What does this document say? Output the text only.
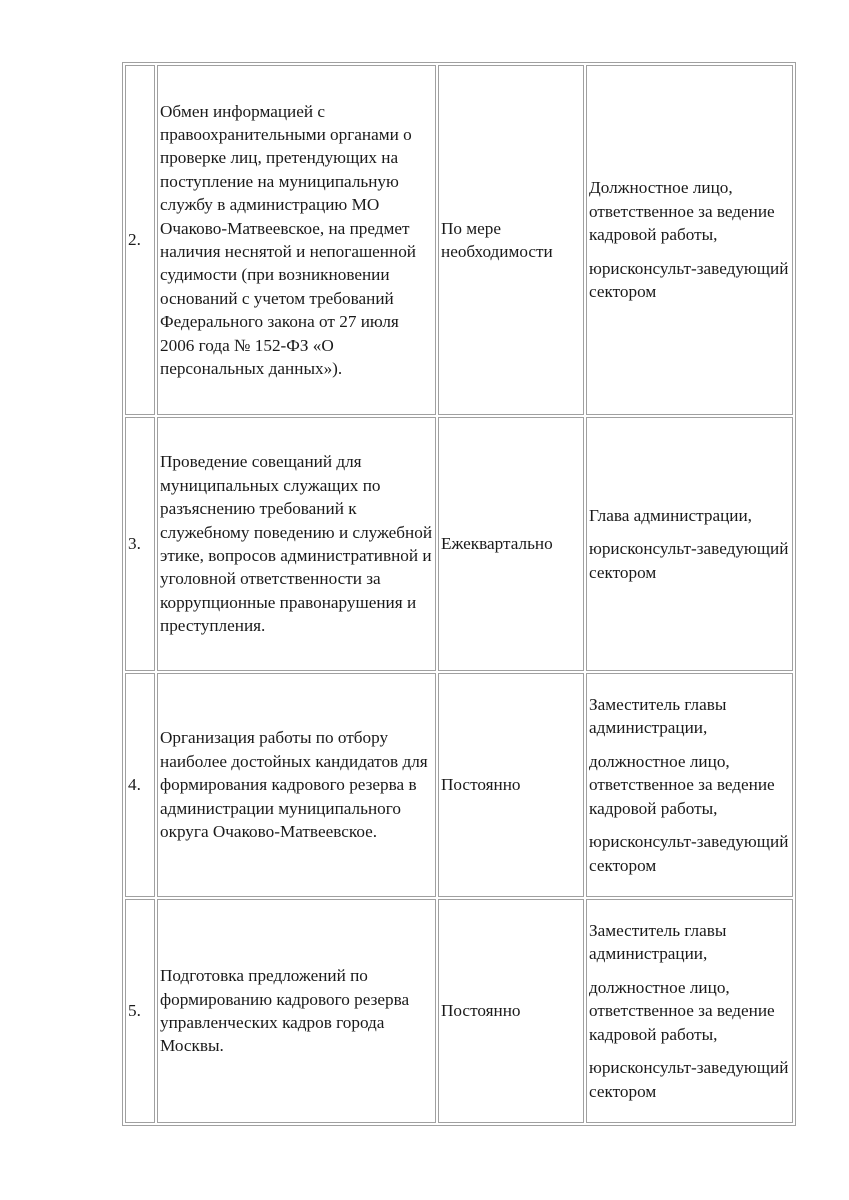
2.	Обмен информацией с правоохранительными органами о проверке лиц, претендующих на поступление на муниципальную службу в администрацию МО Очаково-Матвеевское, на предмет наличия неснятой и непогашенной судимости (при возникновении оснований с учетом требований Федерального закона от 27 июля 2006 года № 152-ФЗ «О персональных данных»).	По мере необходимости	Должностное лицо, ответственное за ведение кадровой работы,
юрисконсульт-заведующий сектором

3.	Проведение совещаний для муниципальных служащих по разъяснению требований к служебному поведению и служебной этике, вопросов административной и уголовной ответственности за коррупционные правонарушения и преступления.	Ежеквартально	Глава администрации,
юрисконсульт-заведующий сектором

4.	Организация работы по отбору наиболее достойных кандидатов для формирования кадрового резерва в администрации муниципального округа Очаково-Матвеевское.	Постоянно	Заместитель главы администрации,
должностное лицо, ответственное за ведение кадровой работы,
юрисконсульт-заведующий сектором

5.	Подготовка предложений по формированию кадрового резерва управленческих кадров города Москвы.	Постоянно	Заместитель главы администрации,
должностное лицо, ответственное за ведение кадровой работы,
юрисконсульт-заведующий сектором
